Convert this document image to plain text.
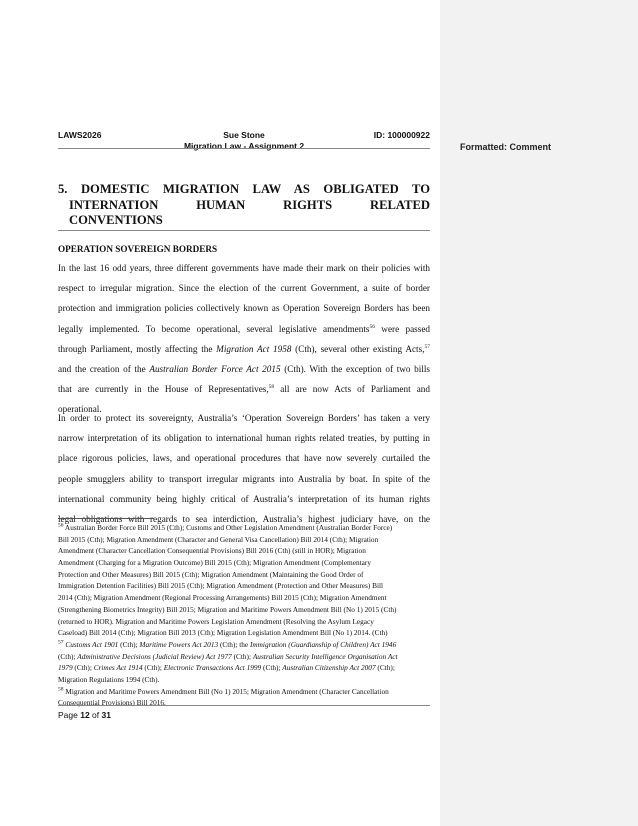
Formatted: Comment
LAWS2026	Sue Stone	ID: 100000922
Migration Law - Assignment 2
5. DOMESTIC MIGRATION LAW AS OBLIGATED TO
INTERNATION HUMAN RIGHTS RELATED
CONVENTIONS
OPERATION SOVEREIGN BORDERS
In the last 16 odd years, three different governments have made their mark on their policies with
respect to irregular migration. Since the election of the current Government, a suite of border
protection and immigration policies collectively known as Operation Sovereign Borders has been
legally implemented. To become operational, several legislative amendments$^{56}$ were passed
through Parliament, mostly affecting the Migration Act 1958 (Cth), several other existing Acts,$^{57}$
and the creation of the Australian Border Force Act 2015 (Cth). With the exception of two bills
that are currently in the House of Representatives,$^{58}$ all are now Acts of Parliament and
operational.
In order to protect its sovereignty, Australia’s ‘Operation Sovereign Borders’ has taken a very
narrow interpretation of its obligation to international human rights related treaties, by putting in
place rigorous policies, laws, and operational procedures that have now severely curtailed the
people smugglers ability to transport irregular migrants into Australia by boat. In spite of the
international community being highly critical of Australia’s interpretation of its human rights
legal obligations with regards to sea interdiction, Australia’s highest judiciary have, on the
$^{56}$ Australian Border Force Bill 2015 (Cth); Customs and Other Legislation Amendment (Australian Border Force)
Bill 2015 (Cth); Migration Amendment (Character and General Visa Cancellation) Bill 2014 (Cth); Migration
Amendment (Character Cancellation Consequential Provisions) Bill 2016 (Cth) (still in HOR); Migration
Amendment (Charging for a Migration Outcome) Bill 2015 (Cth); Migration Amendment (Complementary
Protection and Other Measures) Bill 2015 (Cth); Migration Amendment (Maintaining the Good Order of
Immigration Detention Facilities) Bill 2015 (Cth); Migration Amendment (Protection and Other Measures) Bill
2014 (Cth); Migration Amendment (Regional Processing Arrangements) Bill 2015 (Cth); Migration Amendment
(Strengthening Biometrics Integrity) Bill 2015; Migration and Maritime Powers Amendment Bill (No 1) 2015 (Cth)
(returned to HOR). Migration and Maritime Powers Legislation Amendment (Resolving the Asylum Legacy
Caseload) Bill 2014 (Cth); Migration Bill 2013 (Cth); Migration Legislation Amendment Bill (No 1) 2014. (Cth)
$^{57}$ Customs Act 1901 (Cth); Maritime Powers Act 2013 (Cth); the Immigration (Guardianship of Children) Act 1946
(Cth); Administrative Decisions (Judicial Review) Act 1977 (Cth); Australian Security Intelligence Organisation Act
1979 (Cth); Crimes Act 1914 (Cth); Electronic Transactions Act 1999 (Cth); Australian Citizenship Act 2007 (Cth);
Migration Regulations 1994 (Cth).
$^{58}$ Migration and Maritime Powers Amendment Bill (No 1) 2015; Migration Amendment (Character Cancellation
Consequential Provisions) Bill 2016.
Page 12 of 31
